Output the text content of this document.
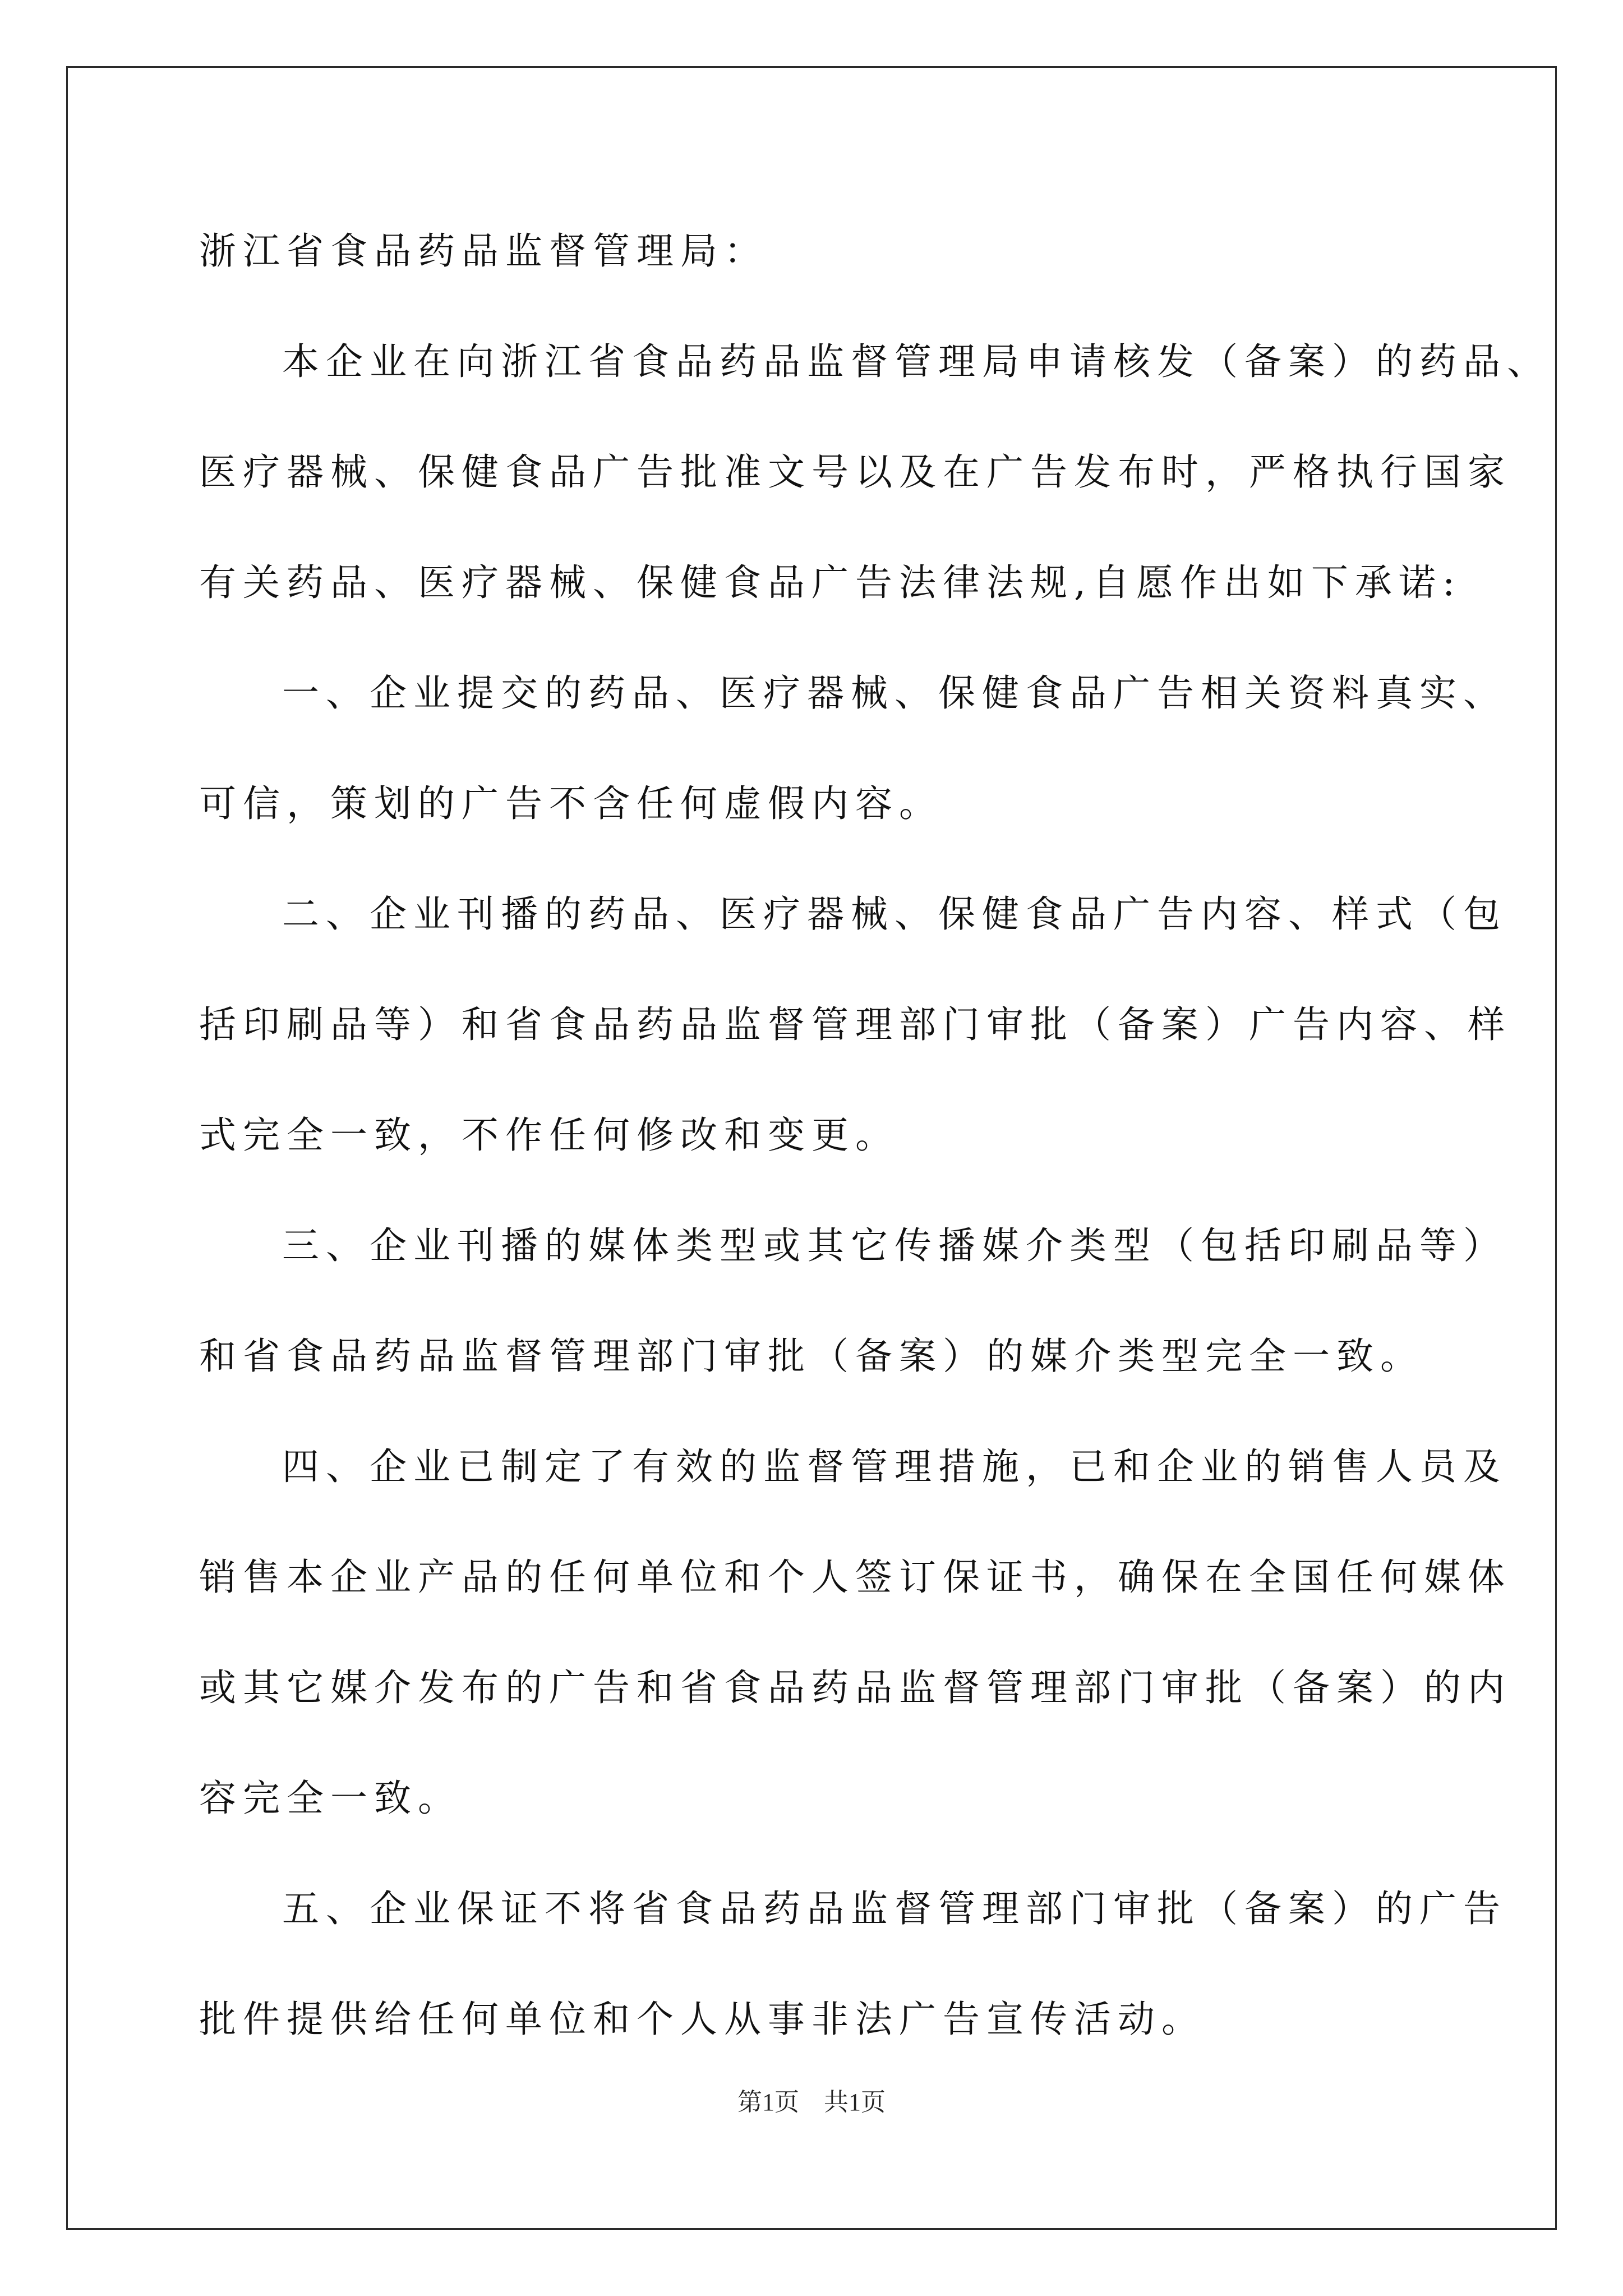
浙江省食品药品监督管理局：
本企业在向浙江省食品药品监督管理局申请核发（备案）的药品、
医疗器械、保健食品广告批准文号以及在广告发布时，严格执行国家
有关药品、医疗器械、保健食品广告法律法规,自愿作出如下承诺:
一、企业提交的药品、医疗器械、保健食品广告相关资料真实、
可信，策划的广告不含任何虚假内容。
二、企业刊播的药品、医疗器械、保健食品广告内容、样式（包
括印刷品等）和省食品药品监督管理部门审批（备案）广告内容、样
式完全一致，不作任何修改和变更。
三、企业刊播的媒体类型或其它传播媒介类型（包括印刷品等）
和省食品药品监督管理部门审批（备案）的媒介类型完全一致。
四、企业已制定了有效的监督管理措施，已和企业的销售人员及
销售本企业产品的任何单位和个人签订保证书，确保在全国任何媒体
或其它媒介发布的广告和省食品药品监督管理部门审批（备案）的内
容完全一致。
五、企业保证不将省食品药品监督管理部门审批（备案）的广告
批件提供给任何单位和个人从事非法广告宣传活动。
第1页　共1页
